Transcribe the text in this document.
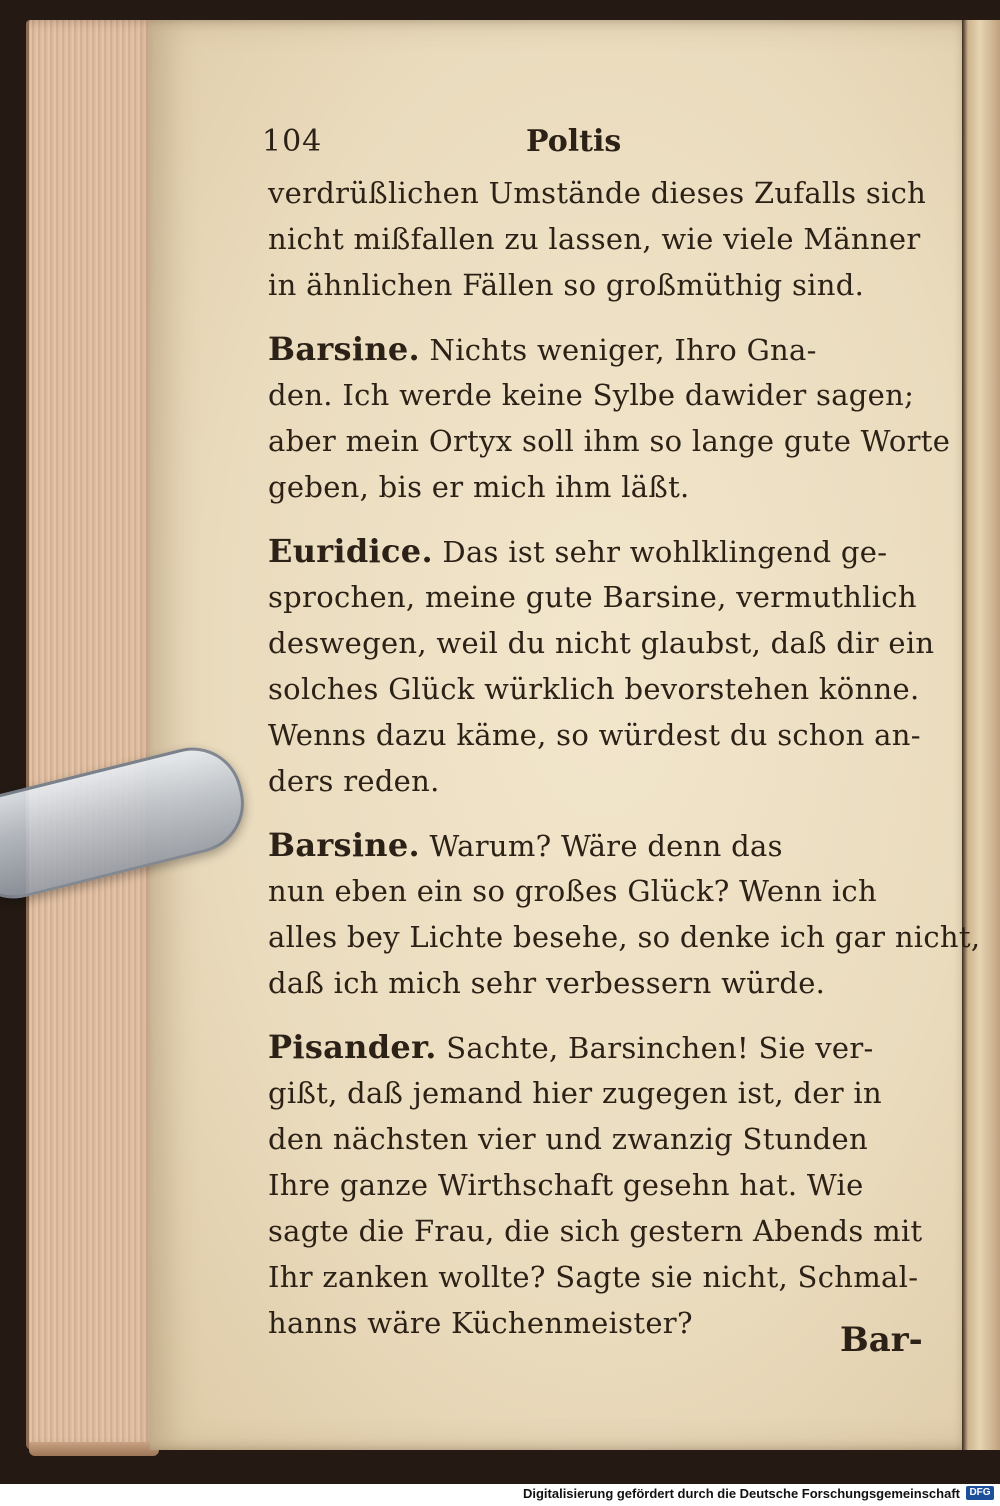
104	Poltis
verdrüßlichen Umstände dieses Zufalls sich
nicht mißfallen zu lassen, wie viele Männer
in ähnlichen Fällen so großmüthig sind.
Barsine. Nichts weniger, Ihro Gna-
den. Ich werde keine Sylbe dawider sagen;
aber mein Ortyx soll ihm so lange gute Worte
geben, bis er mich ihm läßt.
Euridice. Das ist sehr wohlklingend ge-
sprochen, meine gute Barsine, vermuthlich
deswegen, weil du nicht glaubst, daß dir ein
solches Glück würklich bevorstehen könne.
Wenns dazu käme, so würdest du schon an-
ders reden.
Barsine. Warum? Wäre denn das
nun eben ein so großes Glück? Wenn ich
alles bey Lichte besehe, so denke ich gar nicht,
daß ich mich sehr verbessern würde.
Pisander. Sachte, Barsinchen! Sie ver-
gißt, daß jemand hier zugegen ist, der in
den nächsten vier und zwanzig Stunden
Ihre ganze Wirthschaft gesehn hat. Wie
sagte die Frau, die sich gestern Abends mit
Ihr zanken wollte? Sagte sie nicht, Schmal-
hanns wäre Küchenmeister?	Bar-
Digitalisierung gefördert durch die Deutsche Forschungsgemeinschaft DFG
